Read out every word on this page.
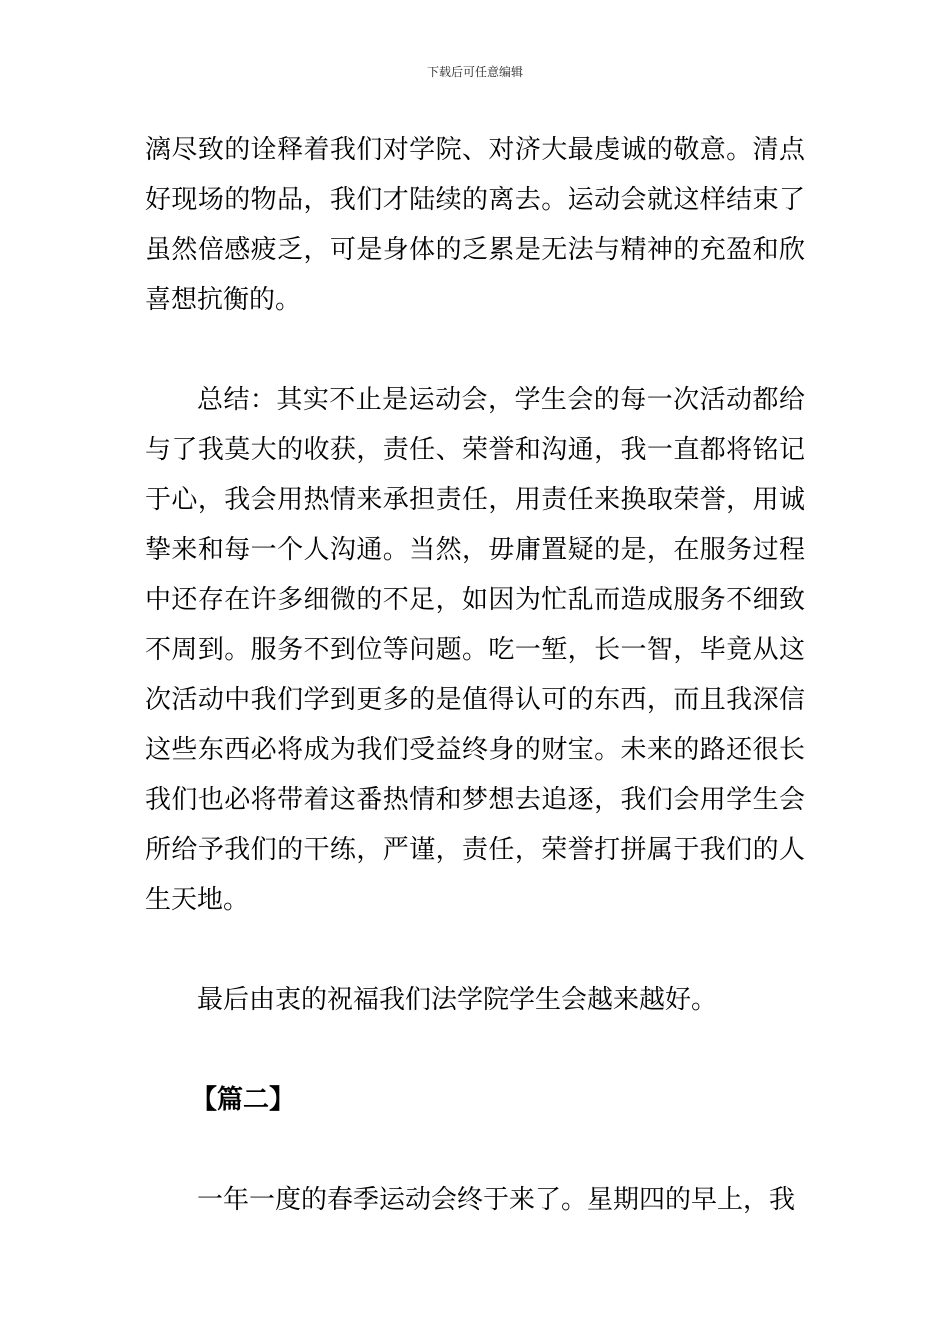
下载后可任意编辑

漓尽致的诠释着我们对学院、对济大最虔诚的敬意。清点好现场的物品，我们才陆续的离去。运动会就这样结束了虽然倍感疲乏，可是身体的乏累是无法与精神的充盈和欣喜想抗衡的。

总结：其实不止是运动会，学生会的每一次活动都给与了我莫大的收获，责任、荣誉和沟通，我一直都将铭记于心，我会用热情来承担责任，用责任来换取荣誉，用诚挚来和每一个人沟通。当然，毋庸置疑的是，在服务过程中还存在许多细微的不足，如因为忙乱而造成服务不细致不周到。服务不到位等问题。吃一堑，长一智，毕竟从这次活动中我们学到更多的是值得认可的东西，而且我深信这些东西必将成为我们受益终身的财宝。未来的路还很长我们也必将带着这番热情和梦想去追逐，我们会用学生会所给予我们的干练，严谨，责任，荣誉打拼属于我们的人生天地。

最后由衷的祝福我们法学院学生会越来越好。

【篇二】

一年一度的春季运动会终于来了。星期四的早上，我
